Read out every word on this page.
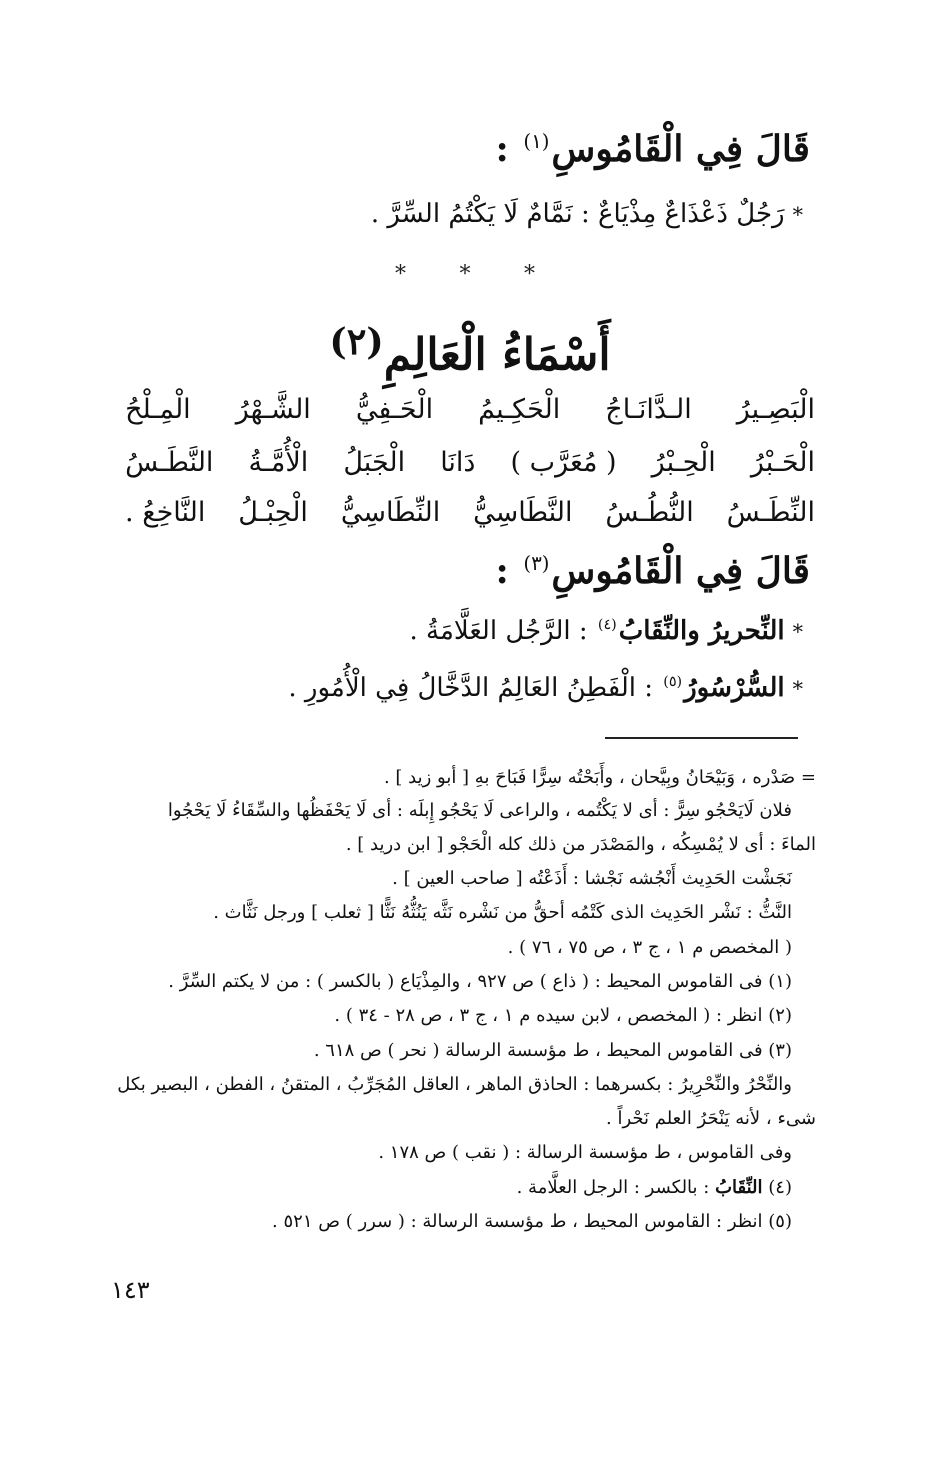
قَالَ فِي الْقَامُوسِ$^{(١)}$ :
*رَجُلٌ ذَعْذَاعٌ مِذْيَاعٌ : نَمَّامٌ لَا يَكْتُمُ السِّرَّ .
* * *
أَسْمَاءُ الْعَالِمِ$^{(٢)}$
الْبَصِـيرُ
الـدَّانَـاجُ
الْحَكِـيمُ
الْحَـفِيُّ
الشَّـهْرُ
الْمِـلْحُ
الْحَـبْرُ
الْحِـبْرُ
( مُعَرَّب )
دَانَا
الْجَبَلُ
الْأُمَّـةُ
النَّطَـسُ
النِّطَـسُ
النُّطُـسُ
النَّطَاسِيُّ
النِّطَاسِيُّ
الْحِبْـلُ
النَّاخِعُ .
قَالَ فِي الْقَامُوسِ$^{(٣)}$ :
*النِّحريرُ والنِّقَابُ$^{(٤)}$ : الرَّجُل العَلَّامَةُ .
*السُّرْسُورُ$^{(٥)}$ : الْفَطِنُ العَالِمُ الدَّخَّالُ فِي الْأُمُورِ .
= صَدْره ، وَبَيْحَانُ وبِيَّحان ، وأَبَحْتُه سِرًّا فَبَاحَ بهِ [ أبو زيد ] .
فلان لَايَحْجُو سِرًّ : أى لا يَكْتُمه ، والراعى لَا يَحْجُو إِبلَه : أى لَا يَحْفَظُها والسِّقَاءُ لَا يَحْجُوا
الماءَ : أى لا يُمْسِكُه ، والمَصْدَر من ذلك كله الْحَجْو [ ابن دريد ] .
نَجَشْت الحَدِيث أَنْجُشه نَجْشا : أَذَعْتُه [ صاحب العين ] .
النَّثُّ : نَشْر الحَدِيث الذى كَتْمُه أحقُّ من نَشْره نَثَّه يَنُثُّهُ نَثًّا [ ثعلب ] ورجل نَثَّاث .
( المخصص م ١ ، ج ٣ ، ص ٧٥ ، ٧٦ ) .
(١) فى القاموس المحيط : ( ذاع ) ص ٩٢٧ ، والمِذْيَاع ( بالكسر ) : من لا يكتم السِّرَّ .
(٢) انظر : ( المخصص ، لابن سيده م ١ ، ج ٣ ، ص ٢٨ - ٣٤ ) .
(٣) فى القاموس المحيط ، ط مؤسسة الرسالة ( نحر ) ص ٦١٨ .
والنِّحْرُ والنِّحْرِيرُ : بكسرهما : الحاذق الماهر ، العاقل المُجَرِّبُ ، المتقنُ ، الفطن ، البصير بكل
شىء ، لأنه يَنْحَرُ العلم نَحْراً .
وفى القاموس ، ط مؤسسة الرسالة : ( نقب ) ص ١٧٨ .
(٤) النِّقَابُ : بالكسر : الرجل العلَّامة .
(٥) انظر : القاموس المحيط ، ط مؤسسة الرسالة : ( سرر ) ص ٥٢١ .
١٤٣
